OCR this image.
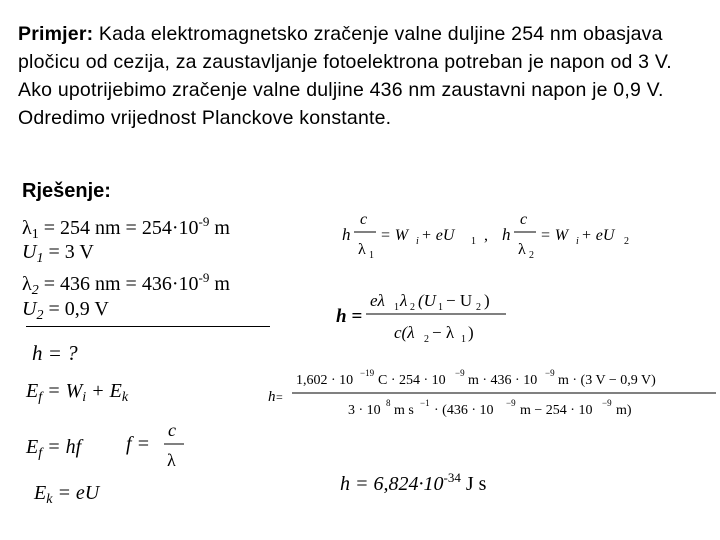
Primjer: Kada elektromagnetsko zračenje valne duljine 254 nm obasjava pločicu od cezija, za zaustavljanje fotoelektrona potreban je napon od 3 V. Ako upotrijebimo zračenje valne duljine 436 nm zaustavni napon je 0,9 V. Odredimo vrijednost Planckove konstante.
Rješenje:
$\lambda_1 = 254$ nm = $254\cdot 10^{-9}$ m
$U_1 = 3$ V
$\lambda_2 = 436$ nm = $436\cdot 10^{-9}$ m
$U_2 = 0,9$ V
h = ?
$E_f = W_i + E_k$
$E_f$ = hf f =
c
λ
$E_k$ = eU
h
c
λ 1
= W i + eU 1 , h
c
λ 2
= W i + eU 2
h =
eλ 1 λ 2 (U 1 − U 2 )
c(λ 2 − λ 1 )
h =
1,602 · 10 −19 C · 254 · 10 −9 m · 436 · 10 −9 m · (3 V − 0,9 V)
3 · 10 8 m s −1 · (436 · 10 −9 m − 254 · 10 −9 m)
$h = 6,824\cdot 10^{-34}$ J s
